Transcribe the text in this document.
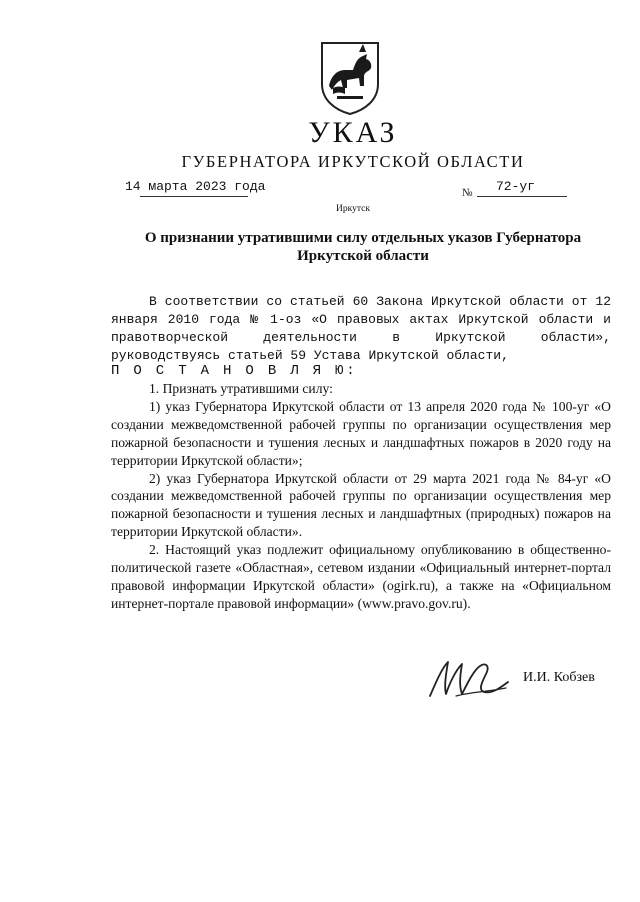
УКАЗ
ГУБЕРНАТОРА ИРКУТСКОЙ ОБЛАСТИ
14 марта 2023 года	№ 72-уг
Иркутск
О признании утратившими силу отдельных указов Губернатора Иркутской области

В соответствии со статьей 60 Закона Иркутской области от 12 января 2010 года № 1-оз «О правовых актах Иркутской области и правотворческой деятельности в Иркутской области», руководствуясь статьей 59 Устава Иркутской области,

П О С Т А Н О В Л Я Ю:

1. Признать утратившими силу:

1) указ Губернатора Иркутской области от 13 апреля 2020 года № 100-уг «О создании межведомственной рабочей группы по организации осуществления мер пожарной безопасности и тушения лесных и ландшафтных пожаров в 2020 году на территории Иркутской области»;

2) указ Губернатора Иркутской области от 29 марта 2021 года № 84-уг «О создании межведомственной рабочей группы по организации осуществления мер пожарной безопасности и тушения лесных и ландшафтных (природных) пожаров на территории Иркутской области».

2. Настоящий указ подлежит официальному опубликованию в общественно-политической газете «Областная», сетевом издании «Официальный интернет-портал правовой информации Иркутской области» (ogirk.ru), а также на «Официальном интернет-портале правовой информации» (www.pravo.gov.ru).

И.И. Кобзев
